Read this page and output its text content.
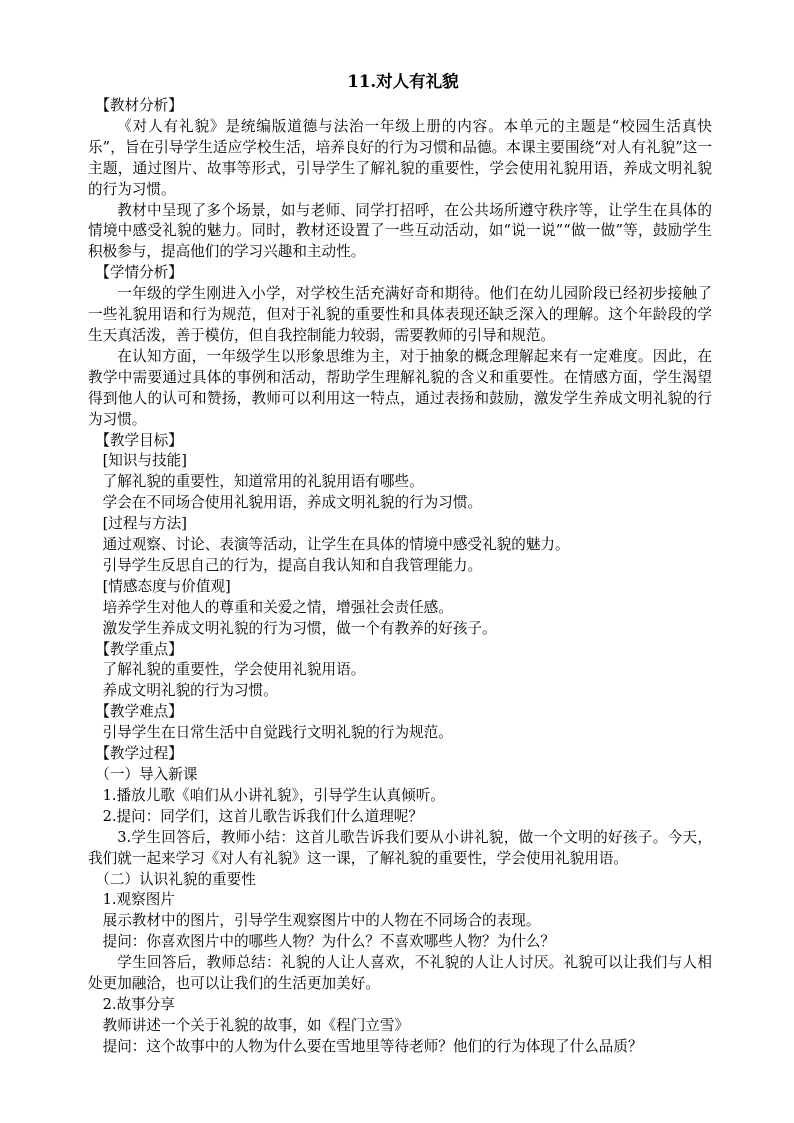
11.对人有礼貌
【教材分析】

《对人有礼貌》是统编版道德与法治一年级上册的内容。本单元的主题是“校园生活真快乐”，旨在引导学生适应学校生活，培养良好的行为习惯和品德。本课主要围绕“对人有礼貌”这一主题，通过图片、故事等形式，引导学生了解礼貌的重要性，学会使用礼貌用语，养成文明礼貌的行为习惯。

教材中呈现了多个场景，如与老师、同学打招呼，在公共场所遵守秩序等，让学生在具体的情境中感受礼貌的魅力。同时，教材还设置了一些互动活动，如“说一说”“做一做”等，鼓励学生积极参与，提高他们的学习兴趣和主动性。

【学情分析】

一年级的学生刚进入小学，对学校生活充满好奇和期待。他们在幼儿园阶段已经初步接触了一些礼貌用语和行为规范，但对于礼貌的重要性和具体表现还缺乏深入的理解。这个年龄段的学生天真活泼，善于模仿，但自我控制能力较弱，需要教师的引导和规范。

在认知方面，一年级学生以形象思维为主，对于抽象的概念理解起来有一定难度。因此，在教学中需要通过具体的事例和活动，帮助学生理解礼貌的含义和重要性。在情感方面，学生渴望得到他人的认可和赞扬，教师可以利用这一特点，通过表扬和鼓励，激发学生养成文明礼貌的行为习惯。

【教学目标】
[知识与技能]
了解礼貌的重要性，知道常用的礼貌用语有哪些。
学会在不同场合使用礼貌用语，养成文明礼貌的行为习惯。
[过程与方法]
通过观察、讨论、表演等活动，让学生在具体的情境中感受礼貌的魅力。
引导学生反思自己的行为，提高自我认知和自我管理能力。
[情感态度与价值观]
培养学生对他人的尊重和关爱之情，增强社会责任感。
激发学生养成文明礼貌的行为习惯，做一个有教养的好孩子。
【教学重点】
了解礼貌的重要性，学会使用礼貌用语。
养成文明礼貌的行为习惯。
【教学难点】
引导学生在日常生活中自觉践行文明礼貌的行为规范。
【教学过程】
（一）导入新课
1.播放儿歌《咱们从小讲礼貌》，引导学生认真倾听。
2.提问：同学们，这首儿歌告诉我们什么道理呢？

3.学生回答后，教师小结：这首儿歌告诉我们要从小讲礼貌，做一个文明的好孩子。今天，我们就一起来学习《对人有礼貌》这一课，了解礼貌的重要性，学会使用礼貌用语。

（二）认识礼貌的重要性
1.观察图片
展示教材中的图片，引导学生观察图片中的人物在不同场合的表现。
提问：你喜欢图片中的哪些人物？为什么？不喜欢哪些人物？为什么？

学生回答后，教师总结：礼貌的人让人喜欢，不礼貌的人让人讨厌。礼貌可以让我们与人相处更加融洽，也可以让我们的生活更加美好。

2.故事分享
教师讲述一个关于礼貌的故事，如《程门立雪》
提问：这个故事中的人物为什么要在雪地里等待老师？他们的行为体现了什么品质？
